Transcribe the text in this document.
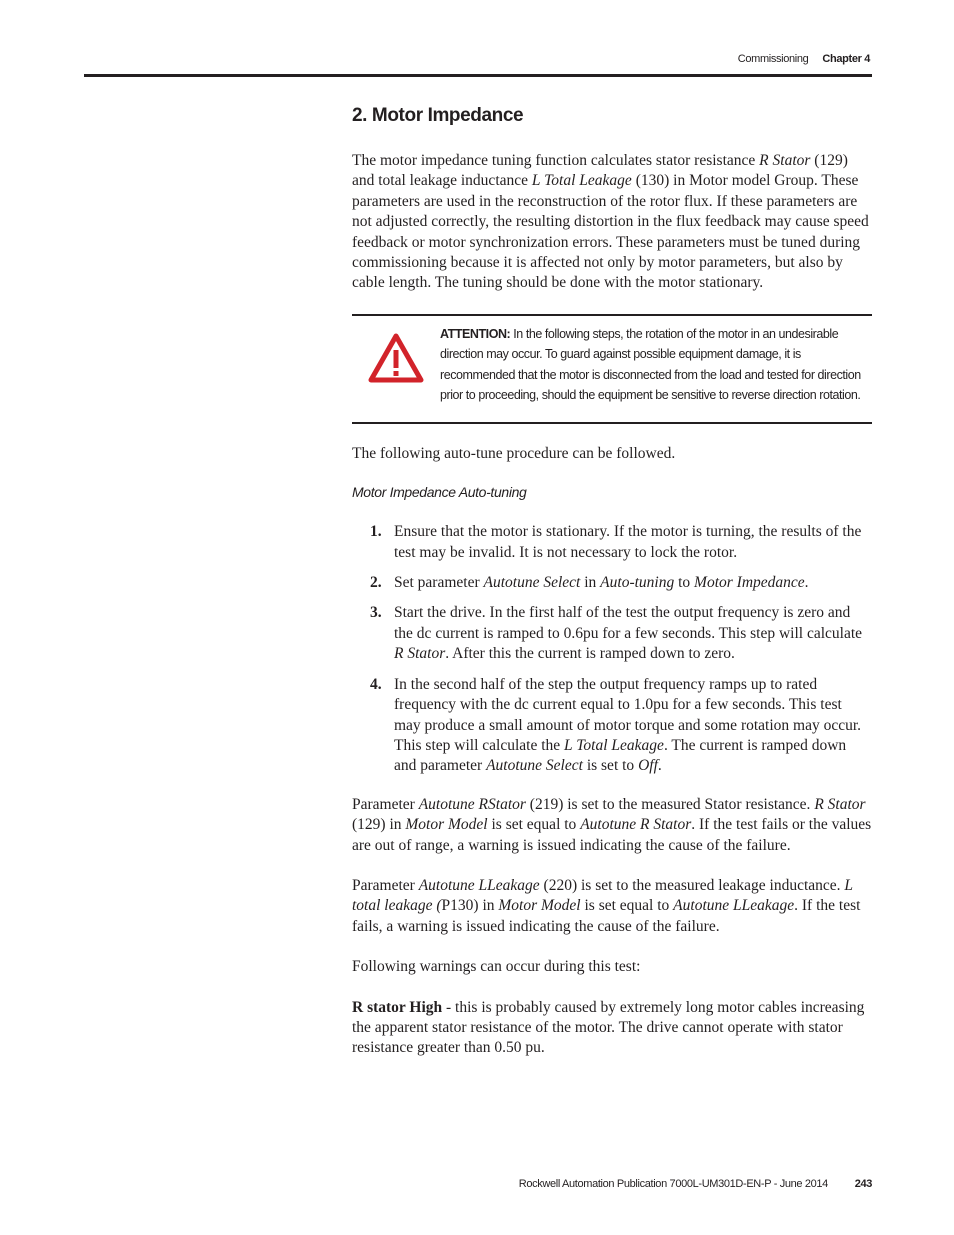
Commissioning Chapter 4
2. Motor Impedance

The motor impedance tuning function calculates stator resistance R Stator (129) and total leakage inductance L Total Leakage (130) in Motor model Group. These parameters are used in the reconstruction of the rotor flux. If these parameters are not adjusted correctly, the resulting distortion in the flux feedback may cause speed feedback or motor synchronization errors. These parameters must be tuned during commissioning because it is affected not only by motor parameters, but also by cable length. The tuning should be done with the motor stationary.

ATTENTION: In the following steps, the rotation of the motor in an undesirable direction may occur. To guard against possible equipment damage, it is recommended that the motor is disconnected from the load and tested for direction prior to proceeding, should the equipment be sensitive to reverse direction rotation.

The following auto-tune procedure can be followed.

Motor Impedance Auto-tuning

1. Ensure that the motor is stationary. If the motor is turning, the results of the test may be invalid. It is not necessary to lock the rotor.
2. Set parameter Autotune Select in Auto-tuning to Motor Impedance.
3. Start the drive. In the first half of the test the output frequency is zero and the dc current is ramped to 0.6pu for a few seconds. This step will calculate R Stator. After this the current is ramped down to zero.
4. In the second half of the step the output frequency ramps up to rated frequency with the dc current equal to 1.0pu for a few seconds. This test may produce a small amount of motor torque and some rotation may occur. This step will calculate the L Total Leakage. The current is ramped down and parameter Autotune Select is set to Off.

Parameter Autotune RStator (219) is set to the measured Stator resistance. R Stator (129) in Motor Model is set equal to Autotune R Stator. If the test fails or the values are out of range, a warning is issued indicating the cause of the failure.

Parameter Autotune LLeakage (220) is set to the measured leakage inductance. L total leakage (P130) in Motor Model is set equal to Autotune LLeakage. If the test fails, a warning is issued indicating the cause of the failure.

Following warnings can occur during this test:

R stator High - this is probably caused by extremely long motor cables increasing the apparent stator resistance of the motor. The drive cannot operate with stator resistance greater than 0.50 pu.

Rockwell Automation Publication 7000L-UM301D-EN-P - June 2014 243
